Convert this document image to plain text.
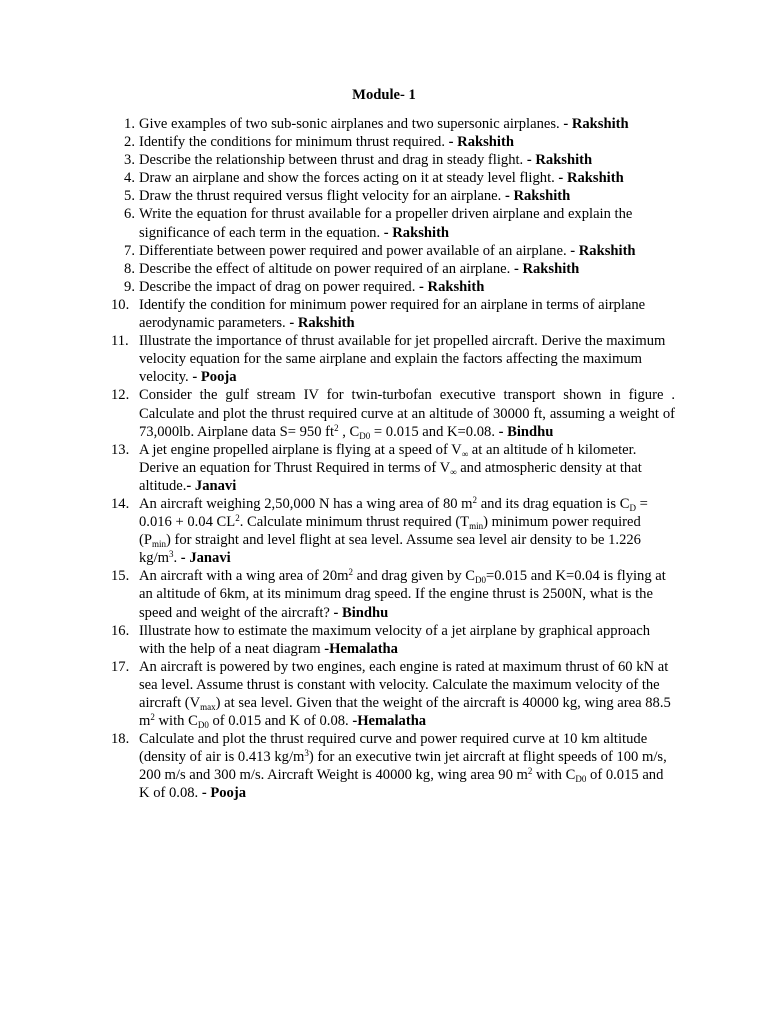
Module- 1
1. Give examples of two sub-sonic airplanes and two supersonic airplanes. - Rakshith
2. Identify the conditions for minimum thrust required. - Rakshith
3. Describe the relationship between thrust and drag in steady flight. - Rakshith
4. Draw an airplane and show the forces acting on it at steady level flight. - Rakshith
5. Draw the thrust required versus flight velocity for an airplane. - Rakshith
6. Write the equation for thrust available for a propeller driven airplane and explain the significance of each term in the equation. - Rakshith
7. Differentiate between power required and power available of an airplane. - Rakshith
8. Describe the effect of altitude on power required of an airplane. - Rakshith
9. Describe the impact of drag on power required. - Rakshith
10. Identify the condition for minimum power required for an airplane in terms of airplane aerodynamic parameters. - Rakshith
11. Illustrate the importance of thrust available for jet propelled aircraft. Derive the maximum velocity equation for the same airplane and explain the factors affecting the maximum velocity. - Pooja
12. Consider the gulf stream IV for twin-turbofan executive transport shown in figure . Calculate and plot the thrust required curve at an altitude of 30000 ft, assuming a weight of 73,000lb. Airplane data S= 950 $ft^2$ , $C_{D0} = 0.015$ and K=0.08. - Bindhu
13. A jet engine propelled airplane is flying at a speed of $V_\infty$ at an altitude of h kilometer. Derive an equation for Thrust Required in terms of $V_\infty$ and atmospheric density at that altitude.- Janavi
14. An aircraft weighing 2,50,000 N has a wing area of 80 $m^2$ and its drag equation is $C_D = 0.016 + 0.04$ $CL^2$. Calculate minimum thrust required $(T_{min})$ minimum power required $(P_{min})$ for straight and level flight at sea level. Assume sea level air density to be 1.226 $kg/m^3$. - Janavi
15. An aircraft with a wing area of $20m^2$ and drag given by $C_{D0}=0.015$ and K=0.04 is flying at an altitude of 6km, at its minimum drag speed. If the engine thrust is 2500N, what is the speed and weight of the aircraft? - Bindhu
16. Illustrate how to estimate the maximum velocity of a jet airplane by graphical approach with the help of a neat diagram -Hemalatha
17. An aircraft is powered by two engines, each engine is rated at maximum thrust of 60 kN at sea level. Assume thrust is constant with velocity. Calculate the maximum velocity of the aircraft $(V_{max})$ at sea level. Given that the weight of the aircraft is 40000 kg, wing area 88.5 $m^2$ with $C_{D0}$ of 0.015 and K of 0.08. -Hemalatha
18. Calculate and plot the thrust required curve and power required curve at 10 km altitude (density of air is 0.413 $kg/m^3$) for an executive twin jet aircraft at flight speeds of 100 m/s, 200 m/s and 300 m/s. Aircraft Weight is 40000 kg, wing area 90 $m^2$ with $C_{D0}$ of 0.015 and K of 0.08. - Pooja
